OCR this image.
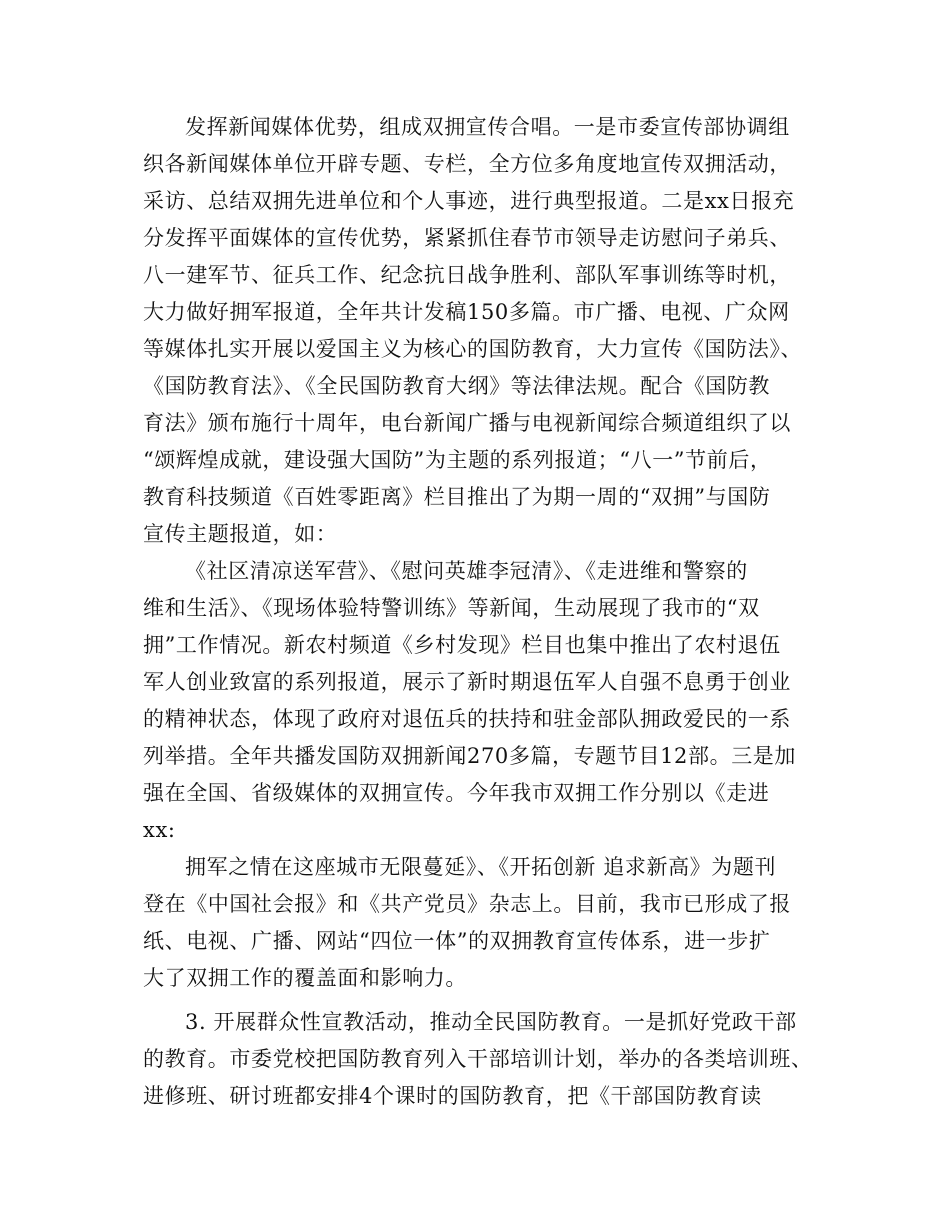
发挥新闻媒体优势，组成双拥宣传合唱。一是市委宣传部协调组
织各新闻媒体单位开辟专题、专栏，全方位多角度地宣传双拥活动，
采访、总结双拥先进单位和个人事迹，进行典型报道。二是xx日报充
分发挥平面媒体的宣传优势，紧紧抓住春节市领导走访慰问子弟兵、
八一建军节、征兵工作、纪念抗日战争胜利、部队军事训练等时机，
大力做好拥军报道，全年共计发稿150多篇。市广播、电视、广众网
等媒体扎实开展以爱国主义为核心的国防教育，大力宣传《国防法》、
《国防教育法》、《全民国防教育大纲》等法律法规。配合《国防教
育法》颁布施行十周年，电台新闻广播与电视新闻综合频道组织了以
“颂辉煌成就，建设强大国防”为主题的系列报道；“八一”节前后，
教育科技频道《百姓零距离》栏目推出了为期一周的“双拥”与国防
宣传主题报道，如：
《社区清凉送军营》、《慰问英雄李冠清》、《走进维和警察的
维和生活》、《现场体验特警训练》等新闻，生动展现了我市的“双
拥”工作情况。新农村频道《乡村发现》栏目也集中推出了农村退伍
军人创业致富的系列报道，展示了新时期退伍军人自强不息勇于创业
的精神状态，体现了政府对退伍兵的扶持和驻金部队拥政爱民的一系
列举措。全年共播发国防双拥新闻270多篇，专题节目12部。三是加
强在全国、省级媒体的双拥宣传。今年我市双拥工作分别以《走进
xx:
拥军之情在这座城市无限蔓延》、《开拓创新 追求新高》为题刊
登在《中国社会报》和《共产党员》杂志上。目前，我市已形成了报
纸、电视、广播、网站“四位一体”的双拥教育宣传体系，进一步扩
大了双拥工作的覆盖面和影响力。
3. 开展群众性宣教活动，推动全民国防教育。一是抓好党政干部
的教育。市委党校把国防教育列入干部培训计划，举办的各类培训班、
进修班、研讨班都安排4个课时的国防教育，把《干部国防教育读
